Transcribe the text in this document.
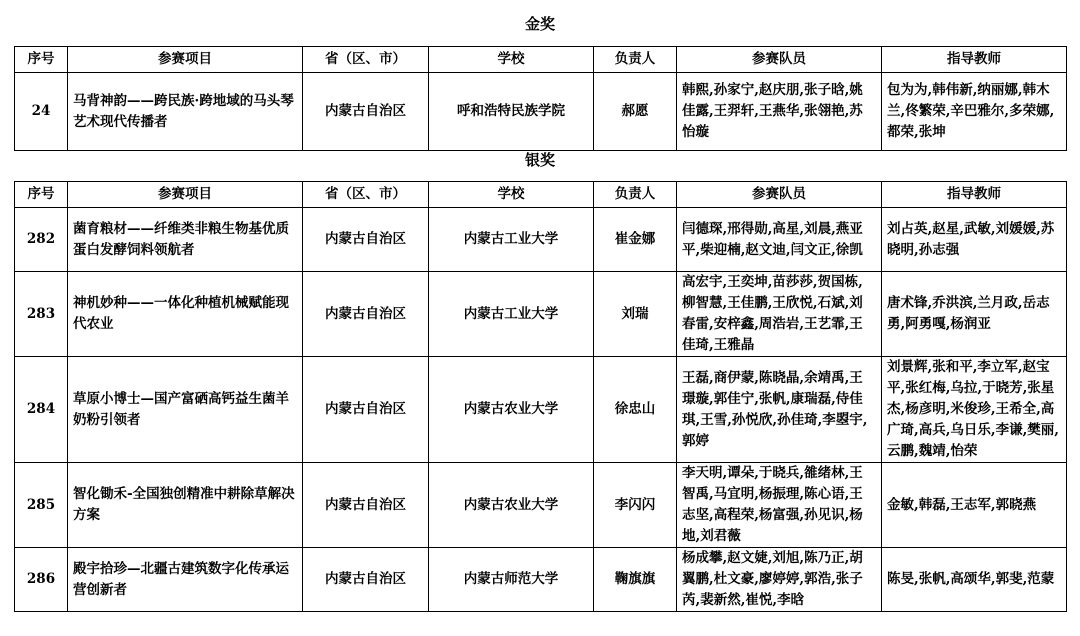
金奖
序号	参赛项目	省（区、市）	学校	负责人	参赛队员	指导教师
24	马背神韵——跨民族·跨地域的马头琴艺术现代传播者	内蒙古自治区	呼和浩特民族学院	郝愿	韩熙,孙家宁,赵庆朋,张子晗,姚佳露,王羿轩,王燕华,张翎艳,苏怡璇	包为为,韩伟新,纳丽娜,韩木兰,佟繁荣,辛巴雅尔,多荣娜,都荣,张坤
银奖
序号	参赛项目	省（区、市）	学校	负责人	参赛队员	指导教师
282	菌育粮材——纤维类非粮生物基优质蛋白发酵饲料领航者	内蒙古自治区	内蒙古工业大学	崔金娜	闫德琛,邢得勋,高星,刘晨,燕亚平,柴迎楠,赵文迪,闫文正,徐凯	刘占英,赵星,武敏,刘媛媛,苏晓明,孙志强
283	神机妙种——一体化种植机械赋能现代农业	内蒙古自治区	内蒙古工业大学	刘瑞	高宏宇,王奕坤,苗莎莎,贺国栋,柳智慧,王佳鹏,王欣悦,石斌,刘春雷,安梓鑫,周浩岩,王艺霏,王佳琦,王雅晶	唐术锋,乔洪滨,兰月政,岳志勇,阿勇嘎,杨润亚
284	草原小博士—国产富硒高钙益生菌羊奶粉引领者	内蒙古自治区	内蒙古农业大学	徐忠山	王磊,商伊蒙,陈晓晶,余靖禹,王璟璇,郭佳宁,张帆,康瑞磊,侍佳琪,王雪,孙悦欣,孙佳琦,李曌宇,郭婷	刘景辉,张和平,李立军,赵宝平,张红梅,乌拉,于晓芳,张星杰,杨彦明,米俊珍,王希全,高广琦,高兵,乌日乐,李谦,樊丽,云鹏,魏靖,怡荣
285	智化锄禾-全国独创精准中耕除草解决方案	内蒙古自治区	内蒙古农业大学	李闪闪	李天明,谭朵,于晓兵,雒绪林,王智禹,马宜明,杨振理,陈心语,王志坚,高程荣,杨富强,孙见识,杨地,刘君薇	金敏,韩磊,王志军,郭晓燕
286	殿宇拾珍—北疆古建筑数字化传承运营创新者	内蒙古自治区	内蒙古师范大学	鞠旗旗	杨成攀,赵文婕,刘旭,陈乃正,胡翼鹏,杜文豪,廖婷婷,郭浩,张子芮,裴新然,崔悦,李晗	陈旻,张帆,高颂华,郭斐,范蒙
